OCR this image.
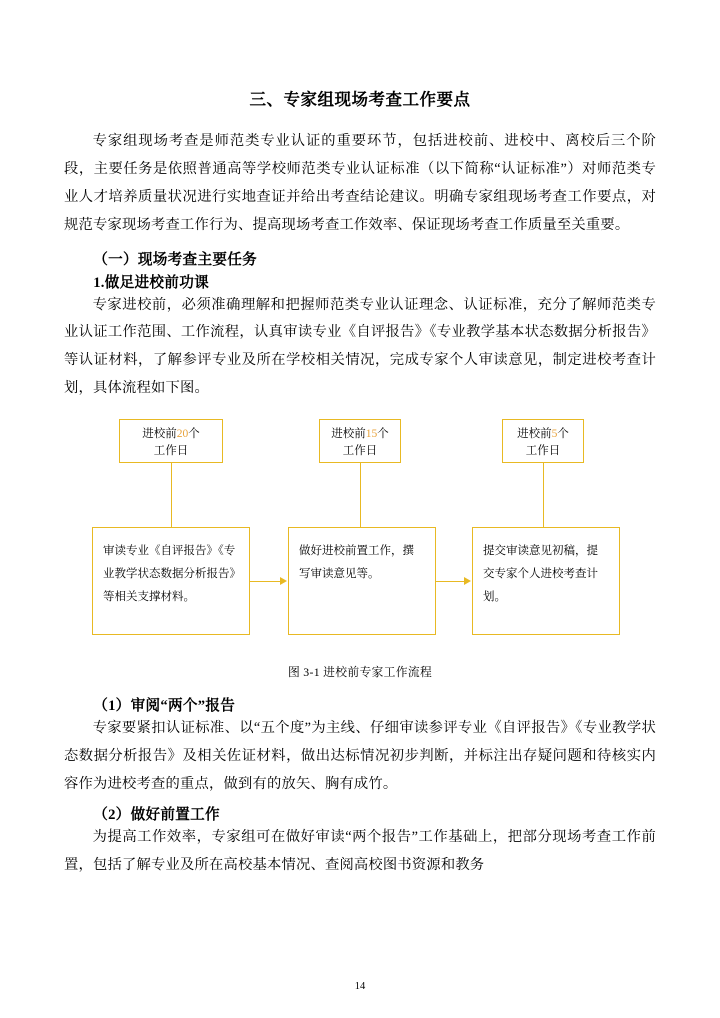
三、专家组现场考查工作要点

专家组现场考查是师范类专业认证的重要环节，包括进校前、进校中、离校后三个阶段，主要任务是依照普通高等学校师范类专业认证标准（以下简称“认证标准”）对师范类专业人才培养质量状况进行实地查证并给出考查结论建议。明确专家组现场考查工作要点，对规范专家现场考查工作行为、提高现场考查工作效率、保证现场考查工作质量至关重要。

（一）现场考查主要任务
1.做足进校前功课

专家进校前，必须准确理解和把握师范类专业认证理念、认证标准，充分了解师范类专业认证工作范围、工作流程，认真审读专业《自评报告》《专业教学基本状态数据分析报告》等认证材料，了解参评专业及所在学校相关情况，完成专家个人审读意见，制定进校考查计划，具体流程如下图。

进校前20个
工作日
进校前15个
工作日
进校前5个
工作日
审读专业《自评报告》《专业教学状态数据分析报告》等相关支撑材料。
做好进校前置工作，撰写审读意见等。
提交审读意见初稿，提交专家个人进校考查计划。
图 3-1 进校前专家工作流程
（1）审阅“两个”报告

专家要紧扣认证标准、以“五个度”为主线、仔细审读参评专业《自评报告》《专业教学状态数据分析报告》及相关佐证材料，做出达标情况初步判断，并标注出存疑问题和待核实内容作为进校考查的重点，做到有的放矢、胸有成竹。

（2）做好前置工作

为提高工作效率，专家组可在做好审读“两个报告”工作基础上，把部分现场考查工作前置，包括了解专业及所在高校基本情况、查阅高校图书资源和教务

14
